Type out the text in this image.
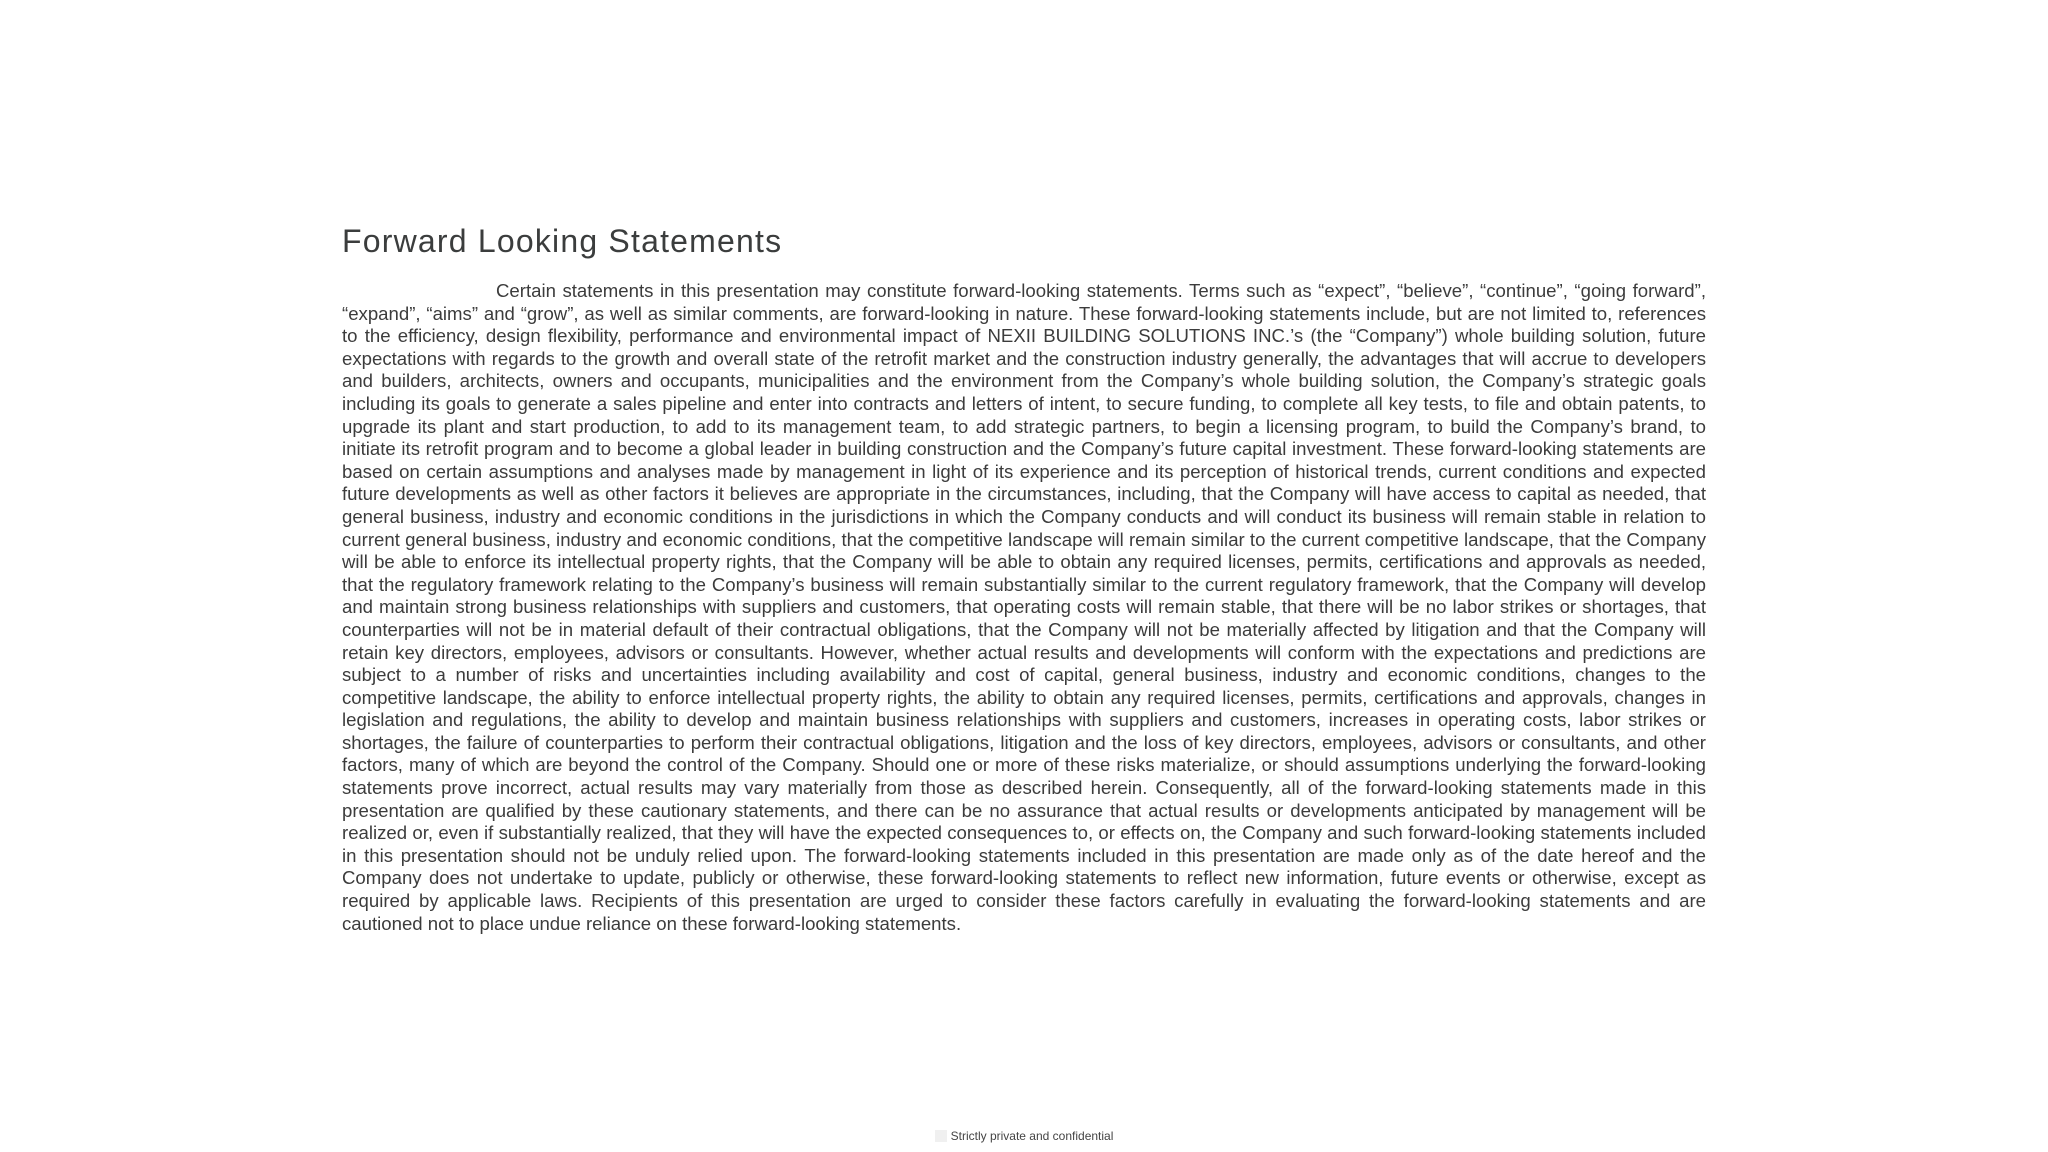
Forward Looking Statements

Certain statements in this presentation may constitute forward-looking statements. Terms such as “expect”, “believe”, “continue”, “going forward”, “expand”, “aims” and “grow”, as well as similar comments, are forward-looking in nature. These forward-looking statements include, but are not limited to, references to the efficiency, design flexibility, performance and environmental impact of NEXII BUILDING SOLUTIONS INC.’s (the “Company”) whole building solution, future expectations with regards to the growth and overall state of the retrofit market and the construction industry generally, the advantages that will accrue to developers and builders, architects, owners and occupants, municipalities and the environment from the Company’s whole building solution, the Company’s strategic goals including its goals to generate a sales pipeline and enter into contracts and letters of intent, to secure funding, to complete all key tests, to file and obtain patents, to upgrade its plant and start production, to add to its management team, to add strategic partners, to begin a licensing program, to build the Company’s brand, to initiate its retrofit program and to become a global leader in building construction and the Company’s future capital investment. These forward-looking statements are based on certain assumptions and analyses made by management in light of its experience and its perception of historical trends, current conditions and expected future developments as well as other factors it believes are appropriate in the circumstances, including, that the Company will have access to capital as needed, that general business, industry and economic conditions in the jurisdictions in which the Company conducts and will conduct its business will remain stable in relation to current general business, industry and economic conditions, that the competitive landscape will remain similar to the current competitive landscape, that the Company will be able to enforce its intellectual property rights, that the Company will be able to obtain any required licenses, permits, certifications and approvals as needed, that the regulatory framework relating to the Company’s business will remain substantially similar to the current regulatory framework, that the Company will develop and maintain strong business relationships with suppliers and customers, that operating costs will remain stable, that there will be no labor strikes or shortages, that counterparties will not be in material default of their contractual obligations, that the Company will not be materially affected by litigation and that the Company will retain key directors, employees, advisors or consultants. However, whether actual results and developments will conform with the expectations and predictions are subject to a number of risks and uncertainties including availability and cost of capital, general business, industry and economic conditions, changes to the competitive landscape, the ability to enforce intellectual property rights, the ability to obtain any required licenses, permits, certifications and approvals, changes in legislation and regulations, the ability to develop and maintain business relationships with suppliers and customers, increases in operating costs, labor strikes or shortages, the failure of counterparties to perform their contractual obligations, litigation and the loss of key directors, employees, advisors or consultants, and other factors, many of which are beyond the control of the Company. Should one or more of these risks materialize, or should assumptions underlying the forward-looking statements prove incorrect, actual results may vary materially from those as described herein. Consequently, all of the forward-looking statements made in this presentation are qualified by these cautionary statements, and there can be no assurance that actual results or developments anticipated by management will be realized or, even if substantially realized, that they will have the expected consequences to, or effects on, the Company and such forward-looking statements included in this presentation should not be unduly relied upon. The forward-looking statements included in this presentation are made only as of the date hereof and the Company does not undertake to update, publicly or otherwise, these forward-looking statements to reflect new information, future events or otherwise, except as required by applicable laws. Recipients of this presentation are urged to consider these factors carefully in evaluating the forward-looking statements and are cautioned not to place undue reliance on these forward-looking statements.

Strictly private and confidential
